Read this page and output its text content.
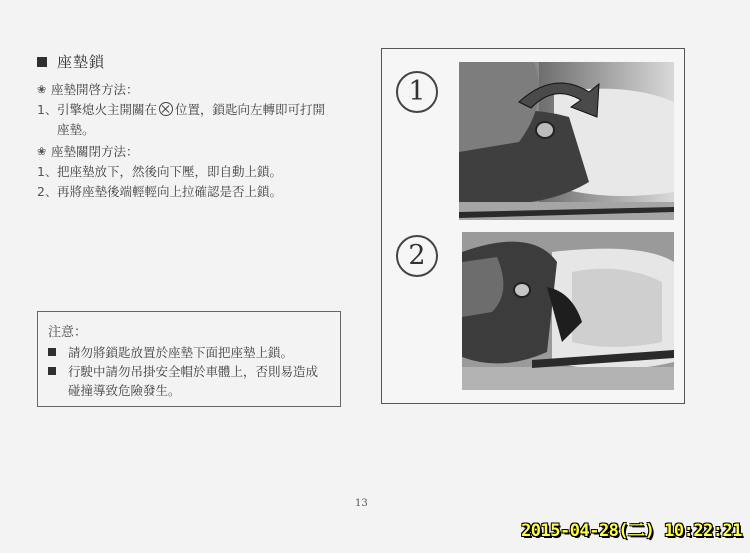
座墊鎖
❀ 座墊開啓方法：
1、 引擎熄火主開關在 位置，鎖匙向左轉即可打開
座墊。
❀ 座墊關閉方法：
1、 把座墊放下，然後向下壓，即自動上鎖。
2、 再將座墊後端輕輕向上拉確認是否上鎖。
注意：
請勿將鎖匙放置於座墊下面把座墊上鎖。
行駛中請勿吊掛安全帽於車體上，否則易造成
碰撞導致危險發生。
1
2
13
2015-04-28(二) 10:22:21
